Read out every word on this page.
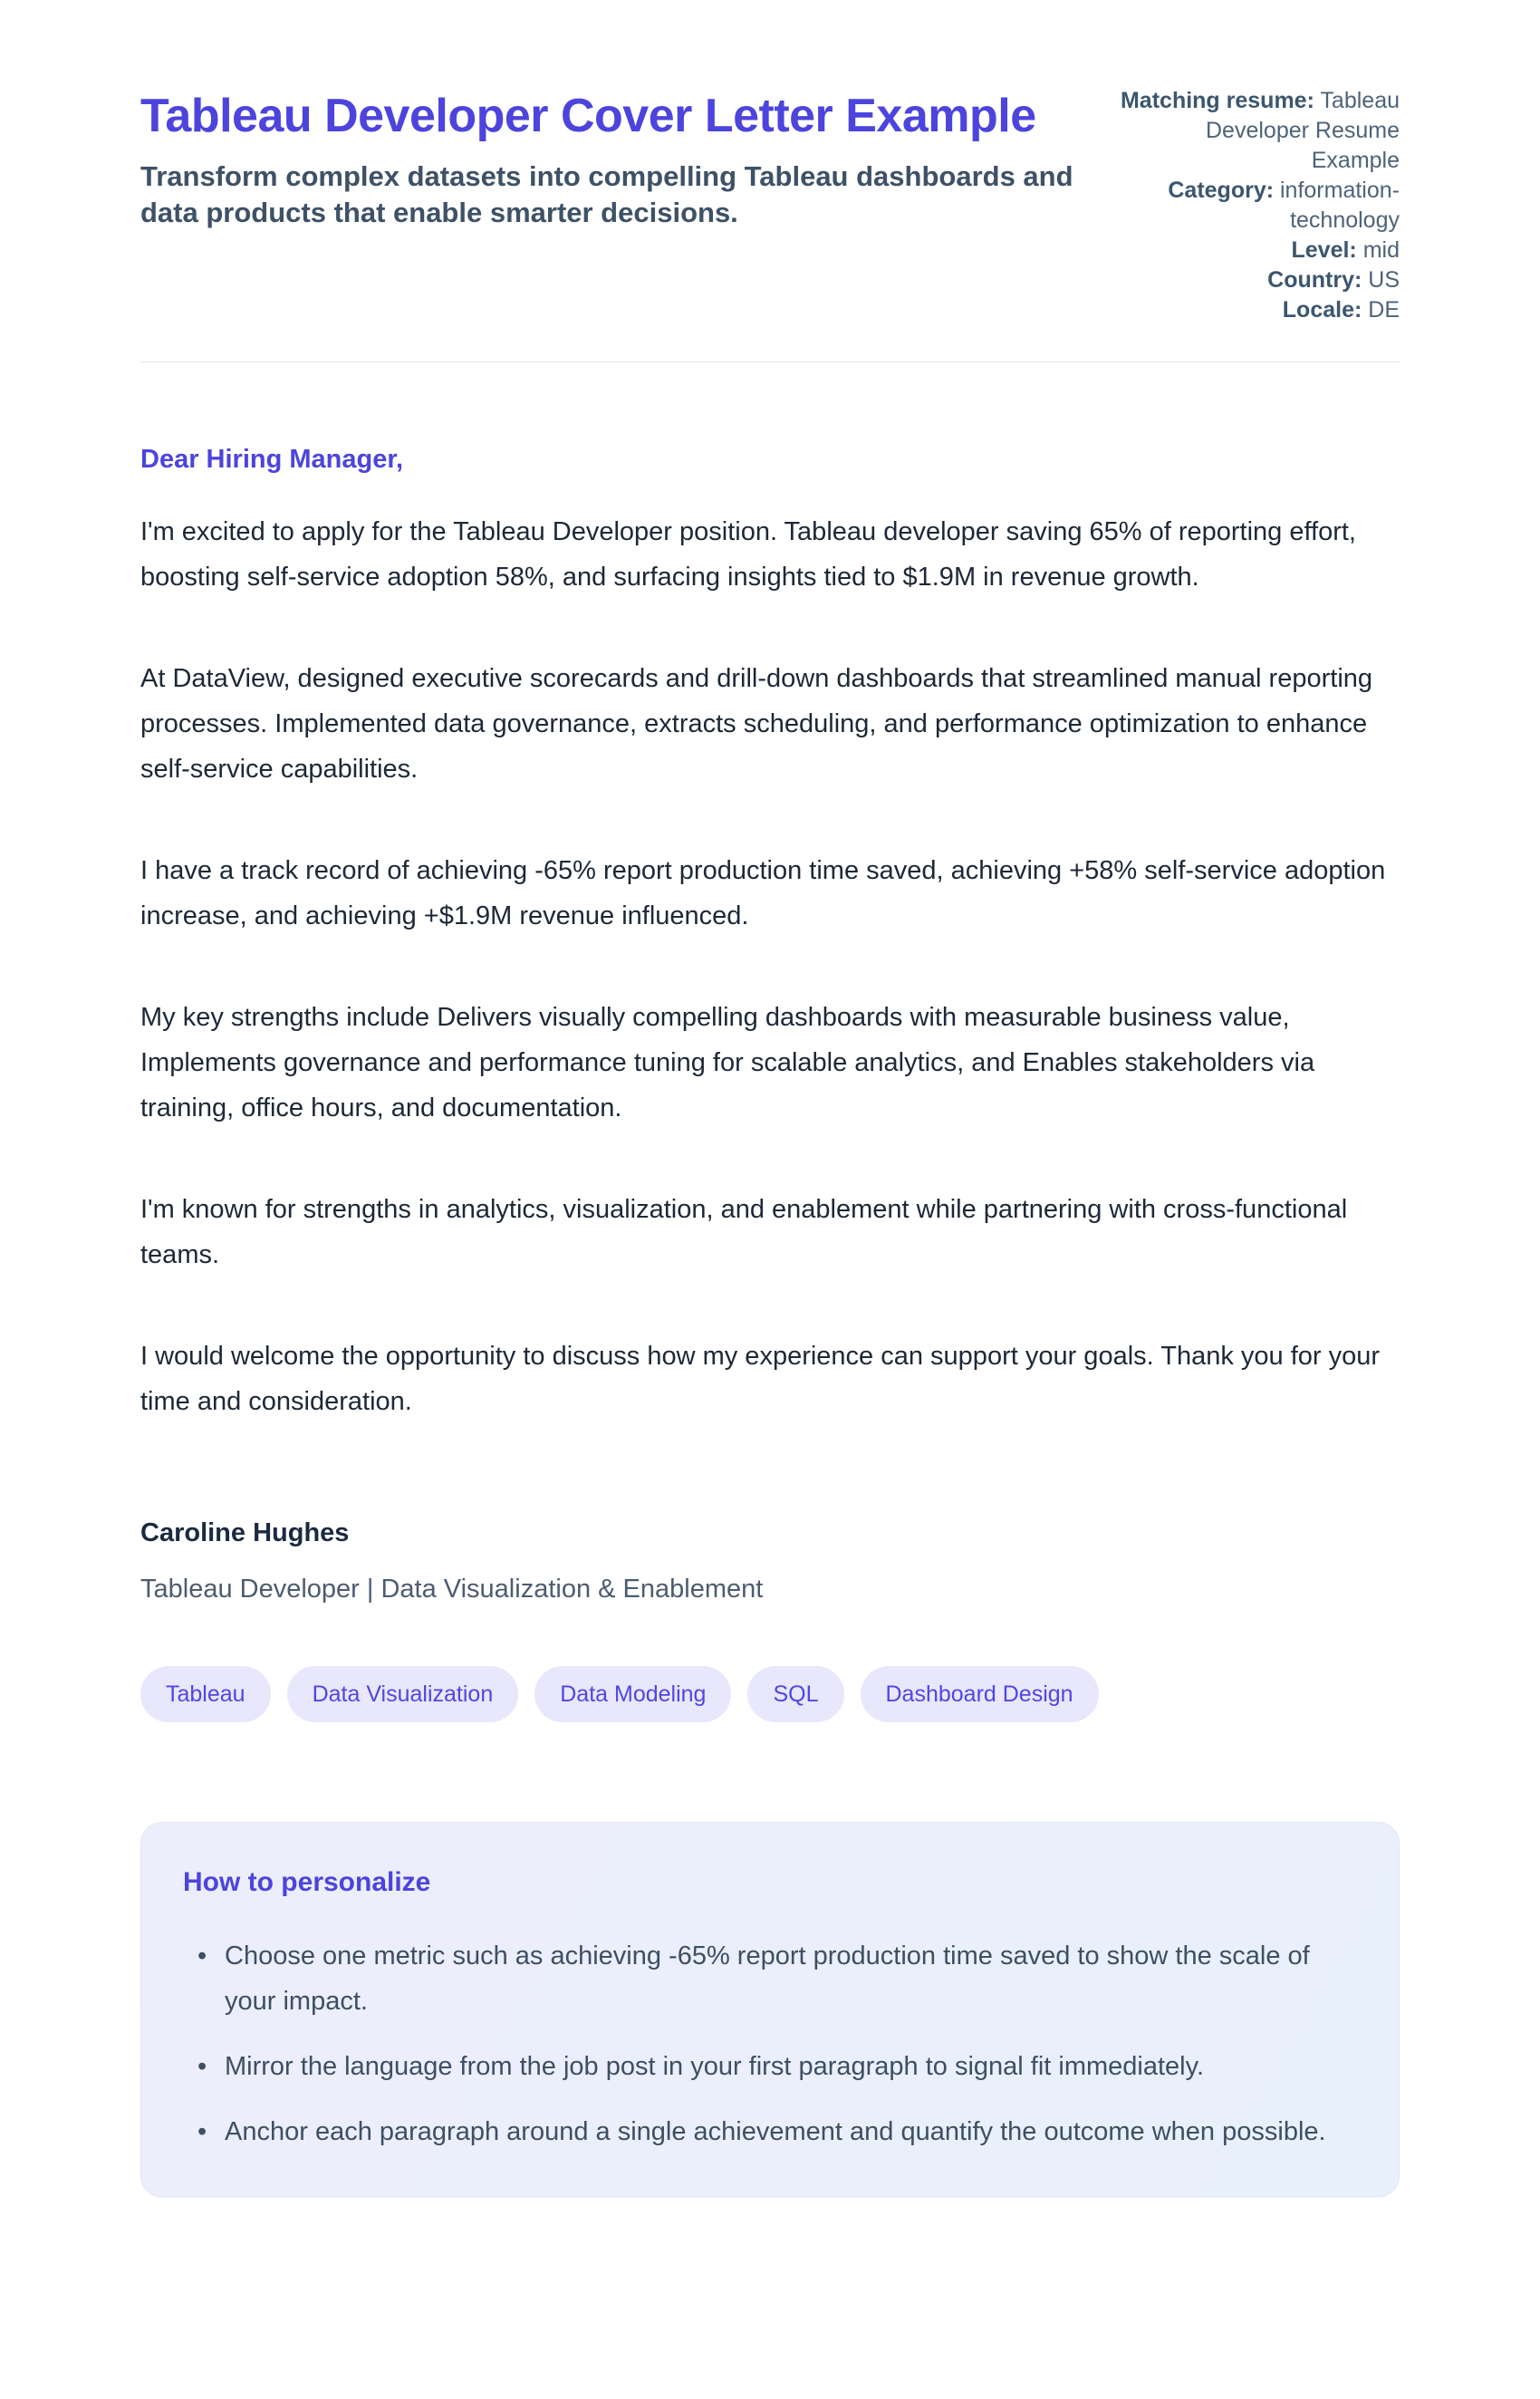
Tableau Developer Cover Letter Example
Transform complex datasets into compelling Tableau dashboards and data products that enable smarter decisions.
Matching resume: Tableau Developer Resume Example
Category: information-technology
Level: mid
Country: US
Locale: DE
Dear Hiring Manager,

I'm excited to apply for the Tableau Developer position. Tableau developer saving 65% of reporting effort, boosting self-service adoption 58%, and surfacing insights tied to $1.9M in revenue growth.

At DataView, designed executive scorecards and drill-down dashboards that streamlined manual reporting processes. Implemented data governance, extracts scheduling, and performance optimization to enhance self-service capabilities.

I have a track record of achieving -65% report production time saved, achieving +58% self-service adoption increase, and achieving +$1.9M revenue influenced.

My key strengths include Delivers visually compelling dashboards with measurable business value, Implements governance and performance tuning for scalable analytics, and Enables stakeholders via training, office hours, and documentation.

I'm known for strengths in analytics, visualization, and enablement while partnering with cross-functional teams.

I would welcome the opportunity to discuss how my experience can support your goals. Thank you for your time and consideration.

Caroline Hughes
Tableau Developer | Data Visualization & Enablement
Tableau	Data Visualization	Data Modeling	SQL	Dashboard Design
How to personalize
• Choose one metric such as achieving -65% report production time saved to show the scale of your impact.
• Mirror the language from the job post in your first paragraph to signal fit immediately.
• Anchor each paragraph around a single achievement and quantify the outcome when possible.
